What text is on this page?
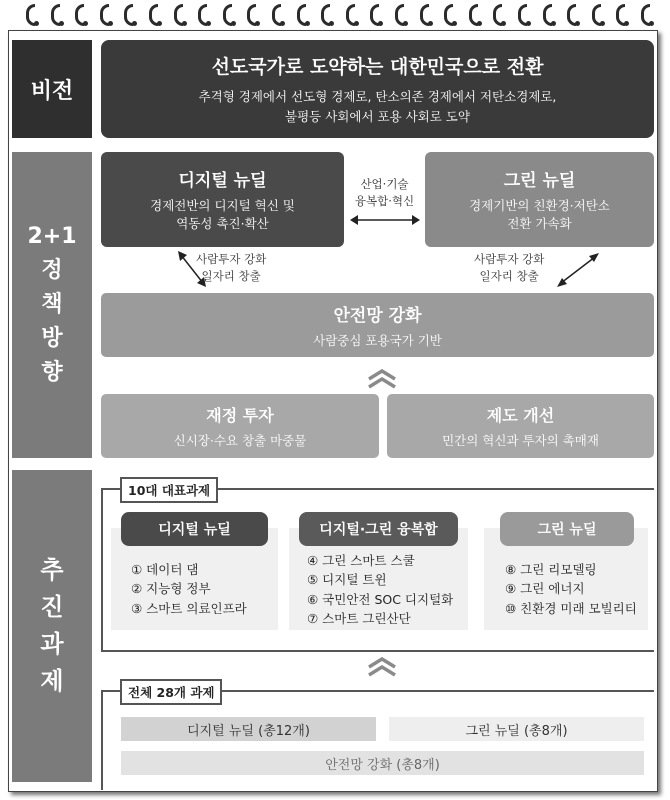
비전
2+1
정
책
방
향
추
진
과
제
선도국가로 도약하는 대한민국으로 전환
추격형 경제에서 선도형 경제로, 탄소의존 경제에서 저탄소경제로,
불평등 사회에서 포용 사회로 도약
디지털 뉴딜
경제전반의 디지털 혁신 및
역동성 촉진·확산
산업·기술
융복합·혁신
그린 뉴딜
경제기반의 친환경·저탄소
전환 가속화
사람투자 강화
일자리 창출
사람투자 강화
일자리 창출
안전망 강화
사람중심 포용국가 기반
재정 투자
신시장·수요 창출 마중물
제도 개선
민간의 혁신과 투자의 촉매재
10대 대표과제
디지털 뉴딜
① 데이터 댐
② 지능형 정부
③ 스마트 의료인프라
디지털·그린 융복합
④ 그린 스마트 스쿨
⑤ 디지털 트윈
⑥ 국민안전 SOC 디지털화
⑦ 스마트 그린산단
그린 뉴딜
⑧ 그린 리모델링
⑨ 그린 에너지
⑩ 친환경 미래 모빌리티
전체 28개 과제
디지털 뉴딜 (총12개)	그린 뉴딜 (총8개)
안전망 강화 (총8개)
